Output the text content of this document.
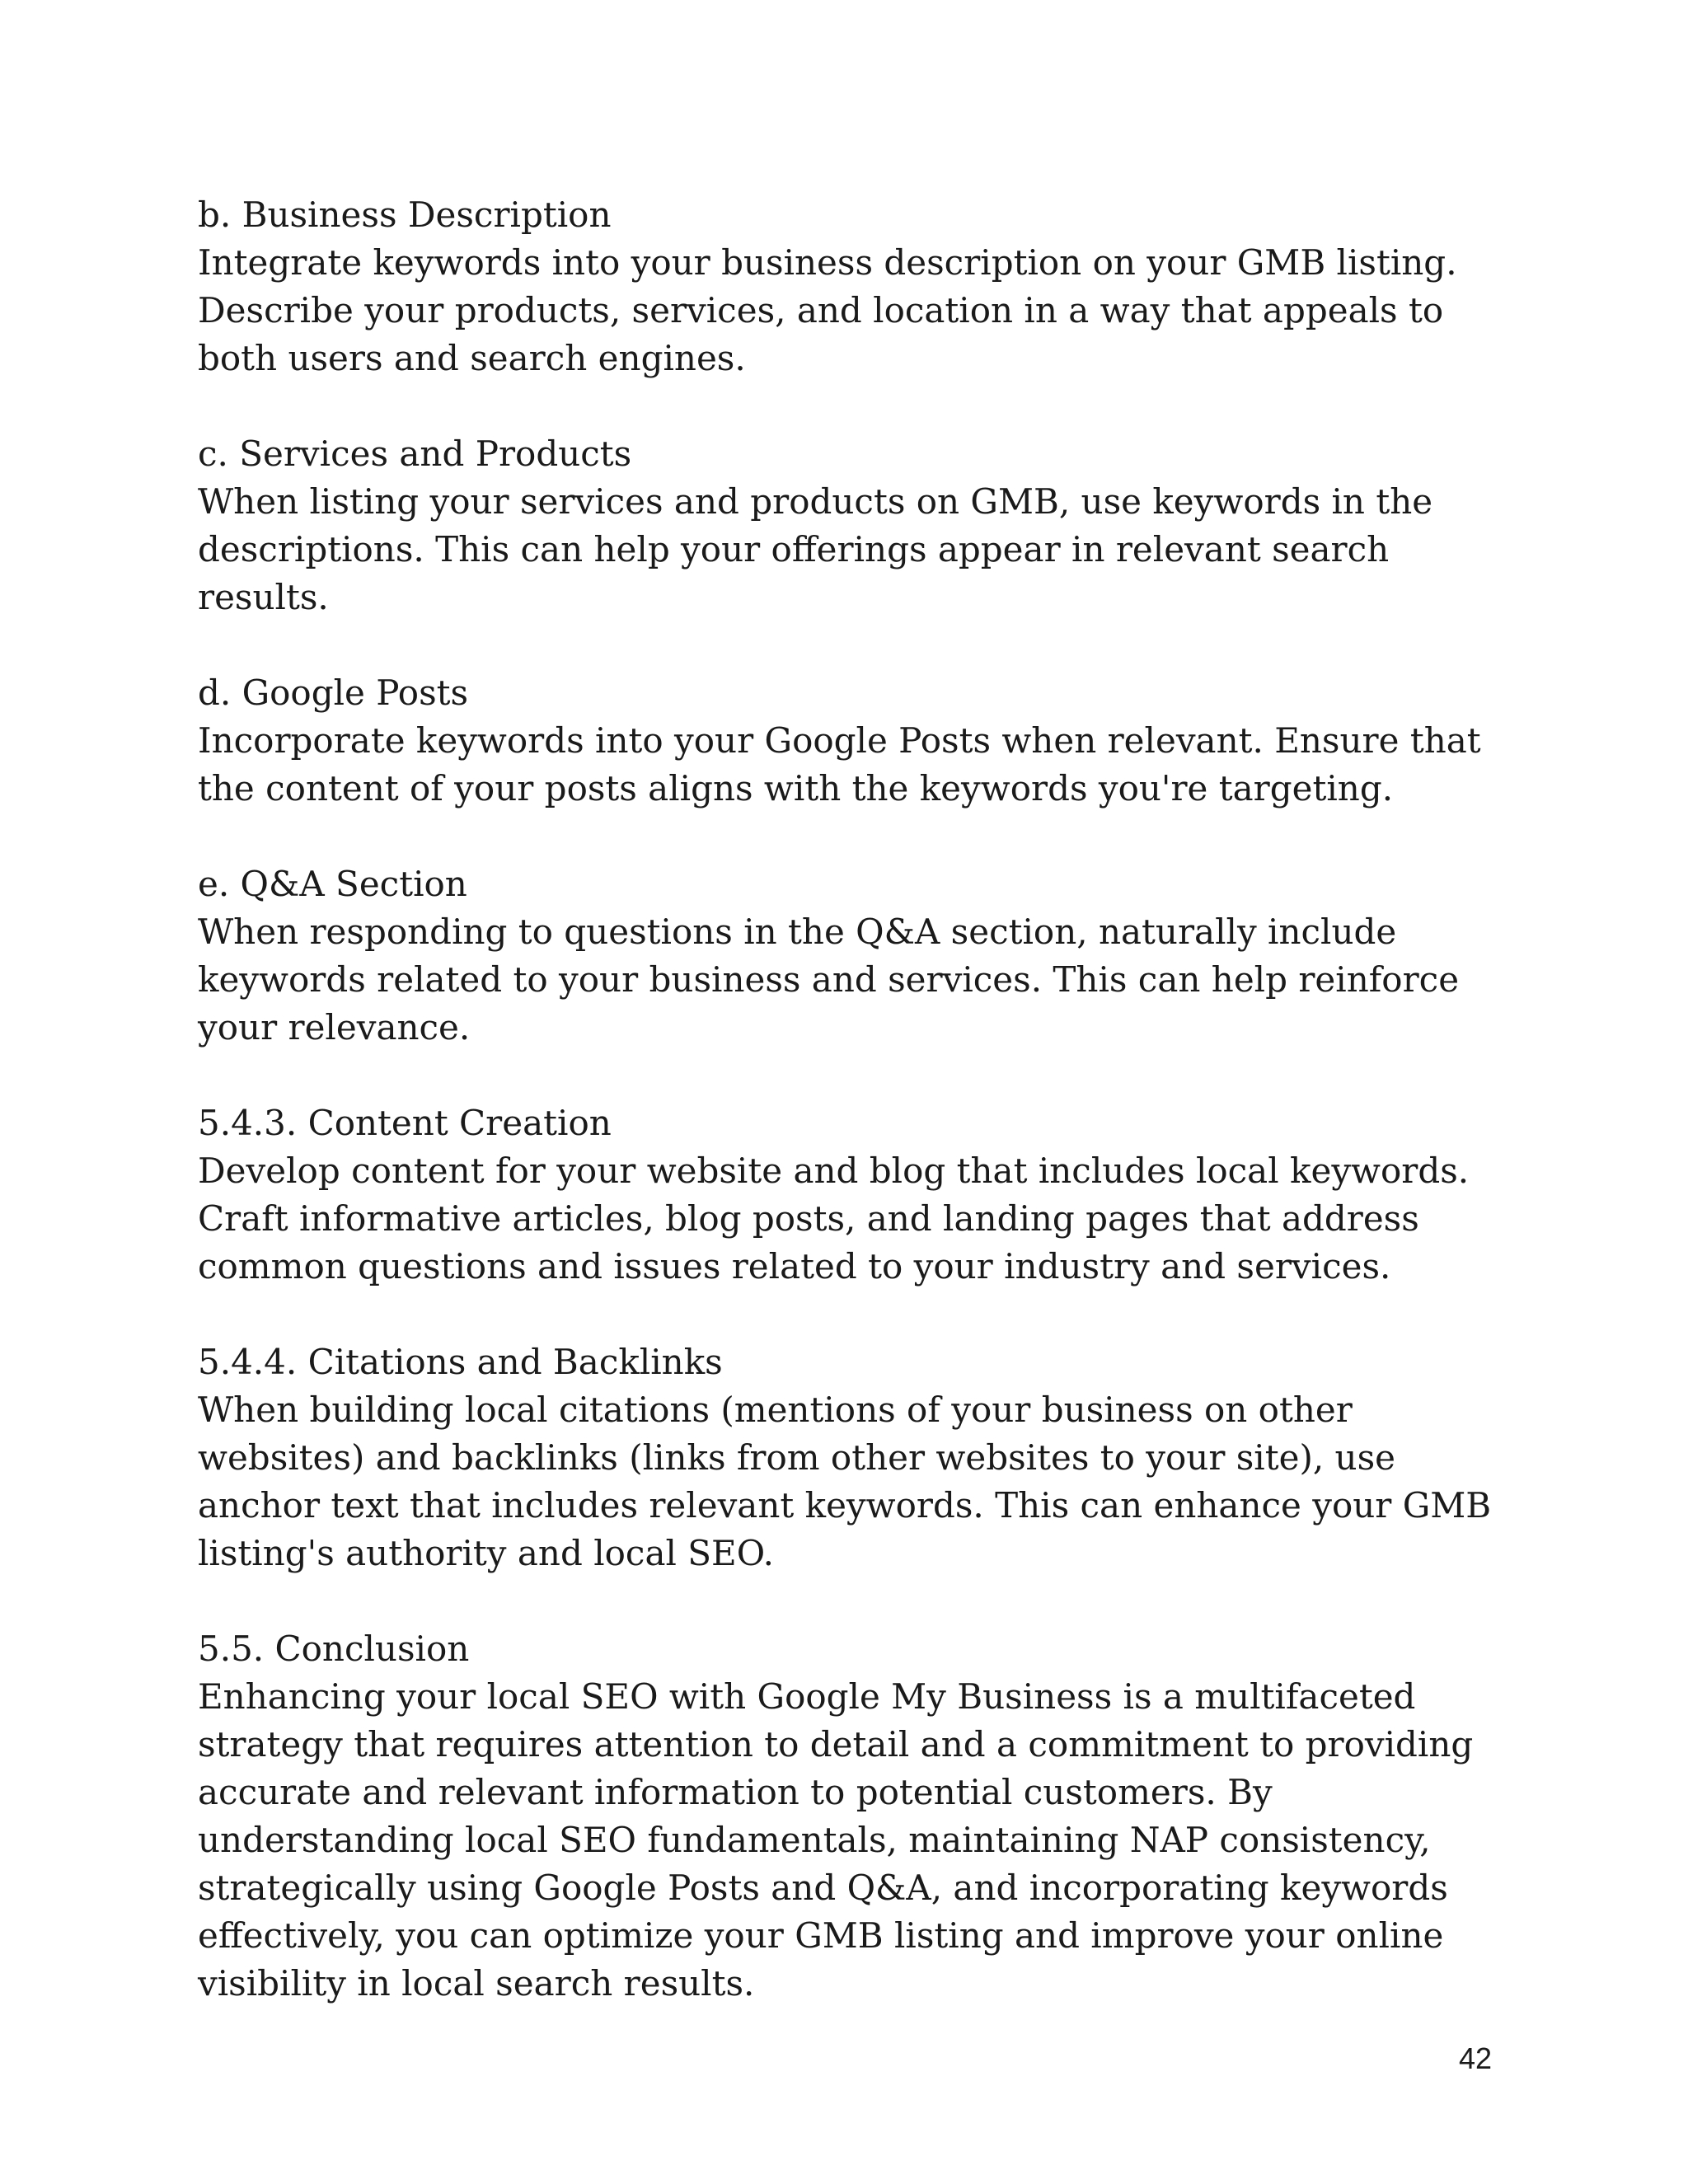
b. Business Description

Integrate keywords into your business description on your GMB listing. Describe your products, services, and location in a way that appeals to both users and search engines.

c. Services and Products

When listing your services and products on GMB, use keywords in the descriptions. This can help your offerings appear in relevant search results.

d. Google Posts

Incorporate keywords into your Google Posts when relevant. Ensure that the content of your posts aligns with the keywords you're targeting.

e. Q&A Section

When responding to questions in the Q&A section, naturally include keywords related to your business and services. This can help reinforce your relevance.

5.4.3. Content Creation

Develop content for your website and blog that includes local keywords. Craft informative articles, blog posts, and landing pages that address common questions and issues related to your industry and services.

5.4.4. Citations and Backlinks

When building local citations (mentions of your business on other websites) and backlinks (links from other websites to your site), use anchor text that includes relevant keywords. This can enhance your GMB listing's authority and local SEO.

5.5. Conclusion

Enhancing your local SEO with Google My Business is a multifaceted strategy that requires attention to detail and a commitment to providing accurate and relevant information to potential customers. By understanding local SEO fundamentals, maintaining NAP consistency, strategically using Google Posts and Q&A, and incorporating keywords effectively, you can optimize your GMB listing and improve your online visibility in local search results.

42
